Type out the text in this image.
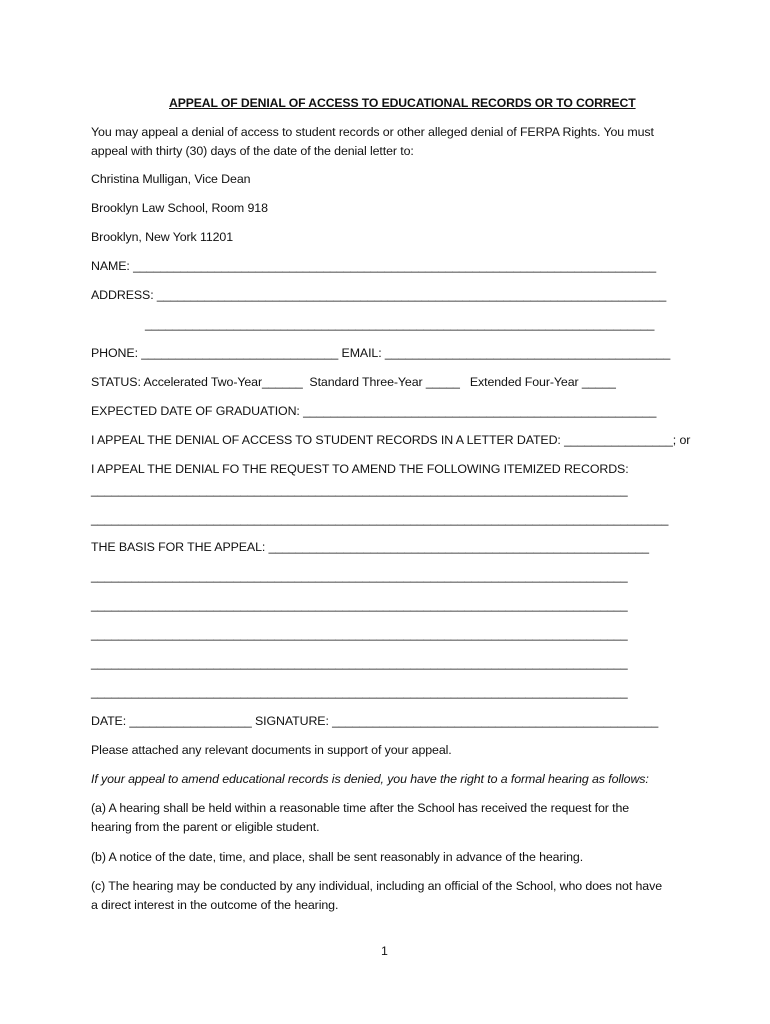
APPEAL OF DENIAL OF ACCESS TO EDUCATIONAL RECORDS OR TO CORRECT
You may appeal a denial of access to student records or other alleged denial of FERPA Rights. You must appeal with thirty (30) days of the date of the denial letter to:
Christina Mulligan, Vice Dean
Brooklyn Law School, Room 918
Brooklyn, New York 11201
NAME: _____________________________________________________________________________
ADDRESS: ___________________________________________________________________________
___________________________________________________________________________
PHONE: _____________________________ EMAIL: __________________________________________
STATUS: Accelerated Two-Year______  Standard Three-Year _____   Extended Four-Year _____
EXPECTED DATE OF GRADUATION: ____________________________________________________
I APPEAL THE DENIAL OF ACCESS TO STUDENT RECORDS IN A LETTER DATED: ________________; or
I APPEAL THE DENIAL FO THE REQUEST TO AMEND THE FOLLOWING ITEMIZED RECORDS:
_______________________________________________________________________________
_____________________________________________________________________________________
THE BASIS FOR THE APPEAL: ________________________________________________________
_______________________________________________________________________________
_______________________________________________________________________________
_______________________________________________________________________________
_______________________________________________________________________________
_______________________________________________________________________________
DATE: __________________ SIGNATURE: ________________________________________________
Please attached any relevant documents in support of your appeal.
If your appeal to amend educational records is denied, you have the right to a formal hearing as follows:
(a) A hearing shall be held within a reasonable time after the School has received the request for the hearing from the parent or eligible student.
(b) A notice of the date, time, and place, shall be sent reasonably in advance of the hearing.
(c) The hearing may be conducted by any individual, including an official of the School, who does not have a direct interest in the outcome of the hearing.
1
